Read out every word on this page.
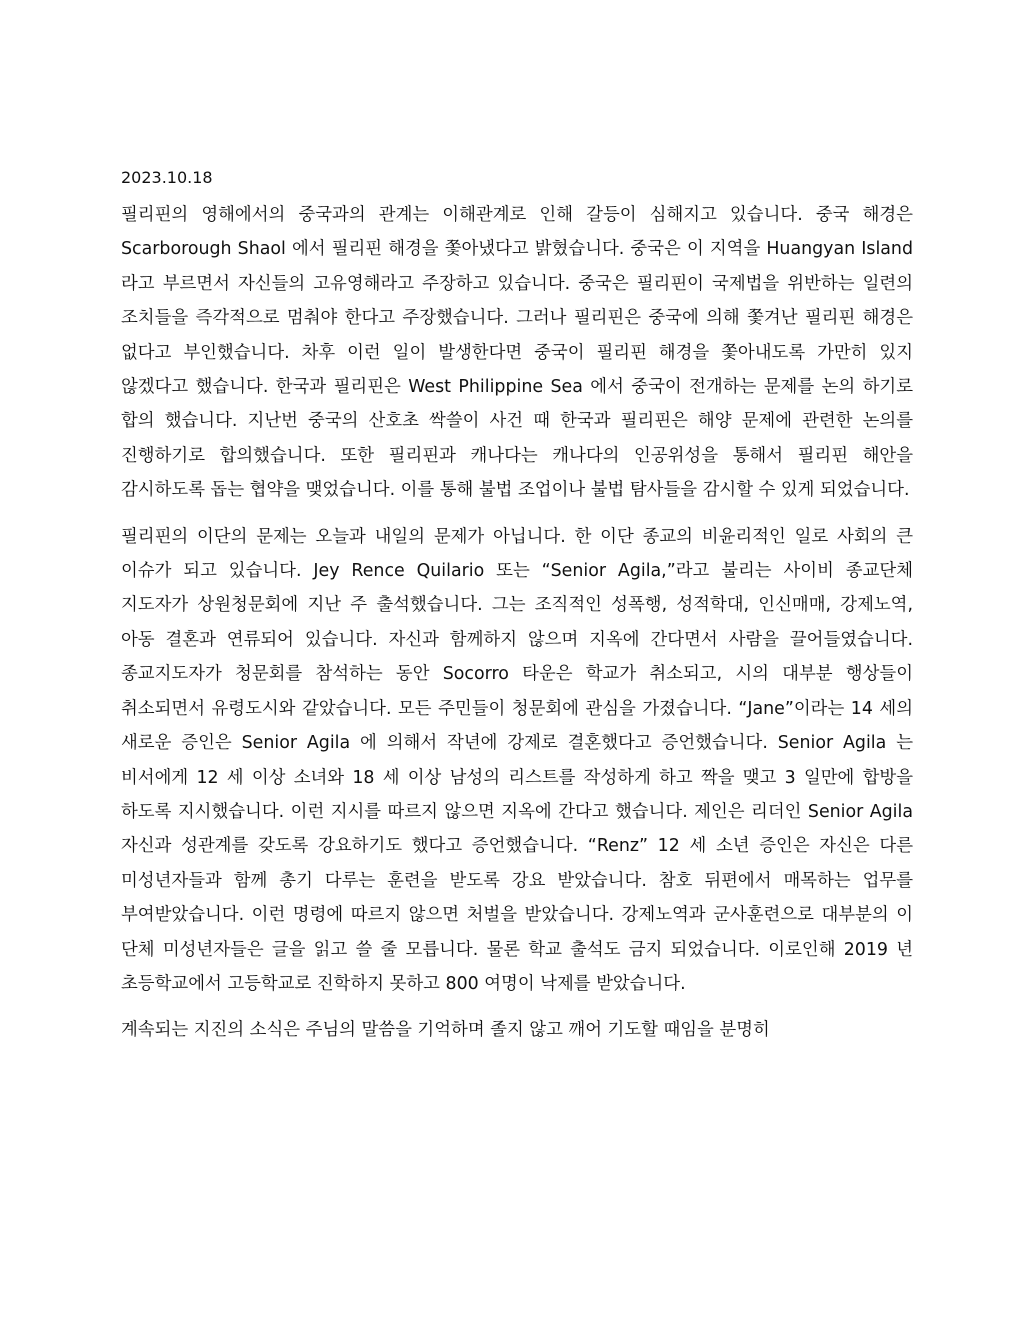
2023.10.18

필리핀의 영해에서의 중국과의 관계는 이해관계로 인해 갈등이 심해지고 있습니다. 중국 해경은 Scarborough Shaol 에서 필리핀 해경을 쫓아냈다고 밝혔습니다. 중국은 이 지역을 Huangyan Island 라고 부르면서 자신들의 고유영해라고 주장하고 있습니다. 중국은 필리핀이 국제법을 위반하는 일련의 조치들을 즉각적으로 멈춰야 한다고 주장했습니다. 그러나 필리핀은 중국에 의해 쫓겨난 필리핀 해경은 없다고 부인했습니다. 차후 이런 일이 발생한다면 중국이 필리핀 해경을 쫓아내도록 가만히 있지 않겠다고 했습니다. 한국과 필리핀은 West Philippine Sea 에서 중국이 전개하는 문제를 논의 하기로 합의 했습니다. 지난번 중국의 산호초 싹쓸이 사건 때 한국과 필리핀은 해양 문제에 관련한 논의를 진행하기로 합의했습니다. 또한 필리핀과 캐나다는 캐나다의 인공위성을 통해서 필리핀 해안을 감시하도록 돕는 협약을 맺었습니다. 이를 통해 불법 조업이나 불법 탐사들을 감시할 수 있게 되었습니다.

필리핀의 이단의 문제는 오늘과 내일의 문제가 아닙니다. 한 이단 종교의 비윤리적인 일로 사회의 큰 이슈가 되고 있습니다. Jey Rence Quilario 또는 “Senior Agila,”라고 불리는 사이비 종교단체 지도자가 상원청문회에 지난 주 출석했습니다. 그는 조직적인 성폭행, 성적학대, 인신매매, 강제노역, 아동 결혼과 연류되어 있습니다. 자신과 함께하지 않으며 지옥에 간다면서 사람을 끌어들였습니다. 종교지도자가 청문회를 참석하는 동안 Socorro 타운은 학교가 취소되고, 시의 대부분 행상들이 취소되면서 유령도시와 같았습니다. 모든 주민들이 청문회에 관심을 가졌습니다. “Jane”이라는 14 세의 새로운 증인은 Senior Agila 에 의해서 작년에 강제로 결혼했다고 증언했습니다. Senior Agila 는 비서에게 12 세 이상 소녀와 18 세 이상 남성의 리스트를 작성하게 하고 짝을 맺고 3 일만에 합방을 하도록 지시했습니다. 이런 지시를 따르지 않으면 지옥에 간다고 했습니다. 제인은 리더인 Senior Agila 자신과 성관계를 갖도록 강요하기도 했다고 증언했습니다. “Renz” 12 세 소년 증인은 자신은 다른 미성년자들과 함께 총기 다루는 훈련을 받도록 강요 받았습니다. 참호 뒤편에서 매목하는 업무를 부여받았습니다. 이런 명령에 따르지 않으면 처벌을 받았습니다. 강제노역과 군사훈련으로 대부분의 이 단체 미성년자들은 글을 읽고 쓸 줄 모릅니다. 물론 학교 출석도 금지 되었습니다. 이로인해 2019 년 초등학교에서 고등학교로 진학하지 못하고 800 여명이 낙제를 받았습니다.

계속되는 지진의 소식은 주님의 말씀을 기억하며 졸지 않고 깨어 기도할 때임을 분명히
